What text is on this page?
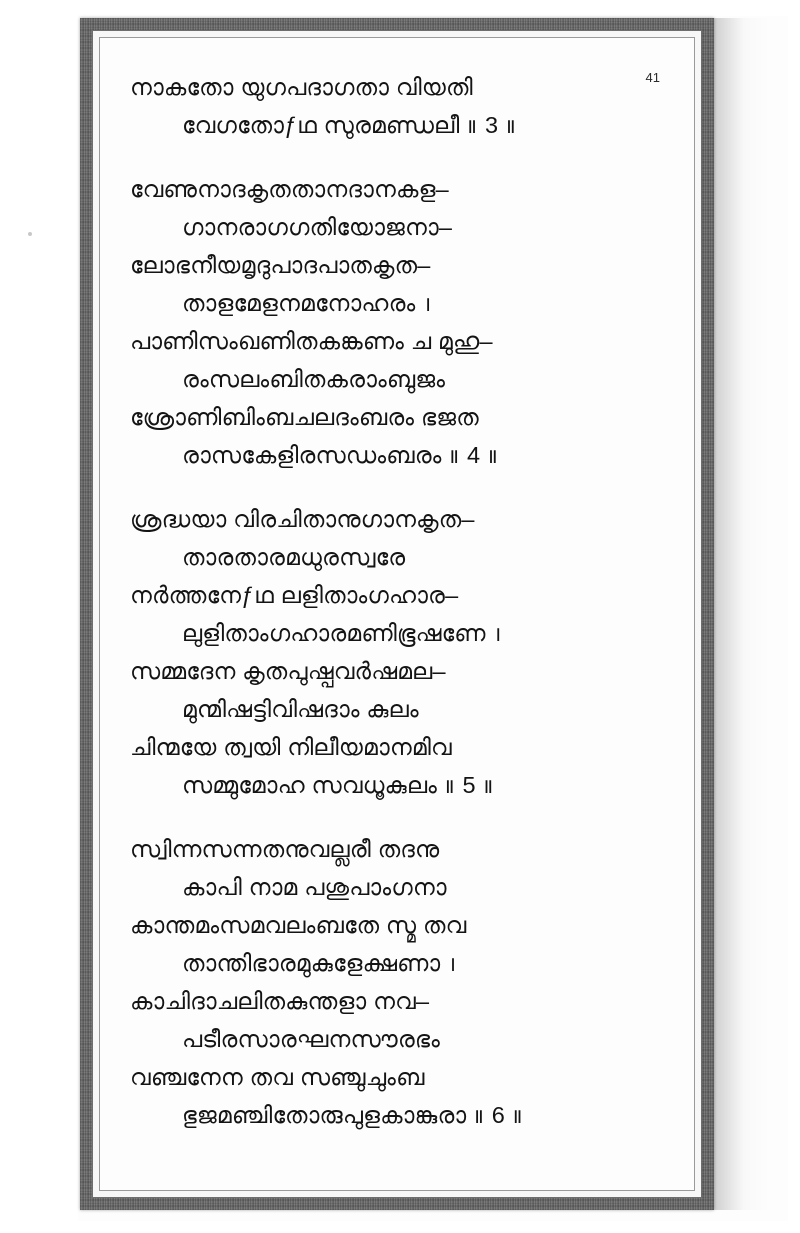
41
നാകതോ യുഗപദാഗതാ വിയതി
വേഗതോƒഥ സുരമണ്ഡലീ ॥ 3 ॥
വേണുനാദകൃതതാനദാനകള–
ഗാനരാഗഗതിയോജനാ–
ലോഭനീയമൃദുപാദപാതകൃത–
താളമേളനമനോഹരം ।
പാണിസംഖണിതകങ്കണം ച മുഹു–
രംസലംബിതകരാംബുജം
ശ്രോണിബിംബചലദംബരം ഭജത
രാസകേളിരസഡംബരം ॥ 4 ॥
ശ്രദ്ധയാ വിരചിതാനുഗാനകൃത–
താരതാരമധുരസ്വരേ
നർത്തനേƒഥ ലളിതാംഗഹാര–
ലുളിതാംഗഹാരമണിഭൂഷണേ ।
സമ്മദേന കൃതപുഷ്പവർഷമല–
മുന്മിഷട്ടിവിഷദാം കുലം
ചിന്മയേ ത്വയി നിലീയമാനമിവ
സമ്മുമോഹ സവധൂകുലം ॥ 5 ॥
സ്വിന്നസന്നതനുവല്ലരീ തദനു
കാപി നാമ പശുപാംഗനാ
കാന്തമംസമവലംബതേ സ്മ തവ
താന്തിഭാരമുകുളേക്ഷണാ ।
കാചിദാചലിതകുന്തളാ നവ–
പടീരസാരഘനസൗരഭം
വഞ്ചനേന തവ സഞ്ചുചുംബ
ഭുജമഞ്ചിതോരുപുളകാങ്കുരാ ॥ 6 ॥
